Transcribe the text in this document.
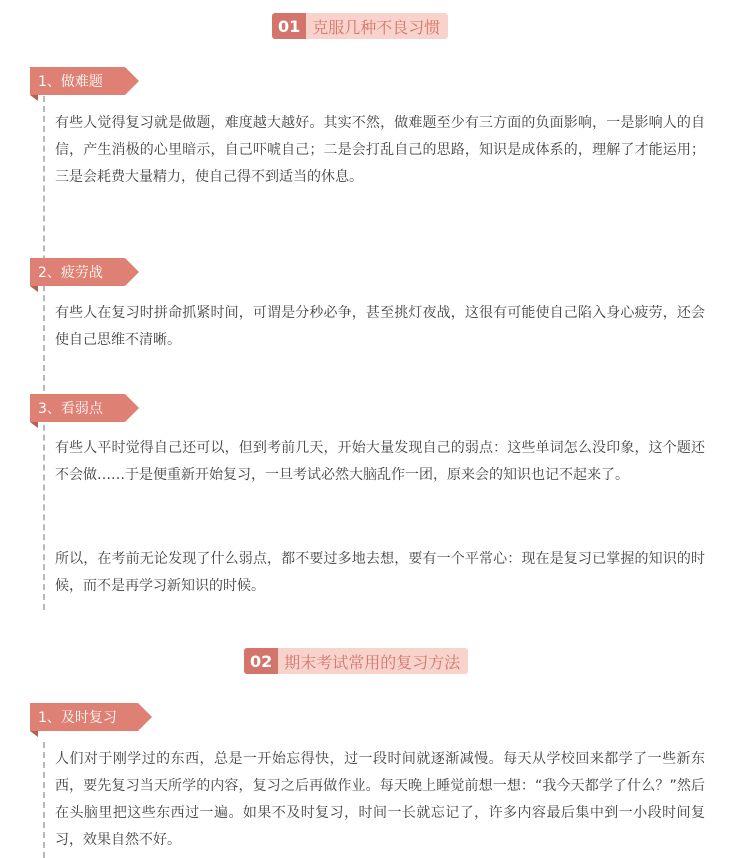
01 克服几种不良习惯
1、做难题

有些人觉得复习就是做题，难度越大越好。其实不然，做难题至少有三方面的负面影响，一是影响人的自信，产生消极的心里暗示，自己吓唬自己；二是会打乱自己的思路，知识是成体系的，理解了才能运用；三是会耗费大量精力，使自己得不到适当的休息。

2、疲劳战

有些人在复习时拼命抓紧时间，可谓是分秒必争，甚至挑灯夜战，这很有可能使自己陷入身心疲劳，还会使自己思维不清晰。

3、看弱点

有些人平时觉得自己还可以，但到考前几天，开始大量发现自己的弱点：这些单词怎么没印象，这个题还不会做……于是便重新开始复习，一旦考试必然大脑乱作一团，原来会的知识也记不起来了。

所以，在考前无论发现了什么弱点，都不要过多地去想，要有一个平常心：现在是复习已掌握的知识的时候，而不是再学习新知识的时候。

02 期末考试常用的复习方法
1、及时复习

人们对于刚学过的东西，总是一开始忘得快，过一段时间就逐渐减慢。每天从学校回来都学了一些新东西，要先复习当天所学的内容，复习之后再做作业。每天晚上睡觉前想一想：“我今天都学了什么？”然后在头脑里把这些东西过一遍。如果不及时复习，时间一长就忘记了，许多内容最后集中到一小段时间复习，效果自然不好。
